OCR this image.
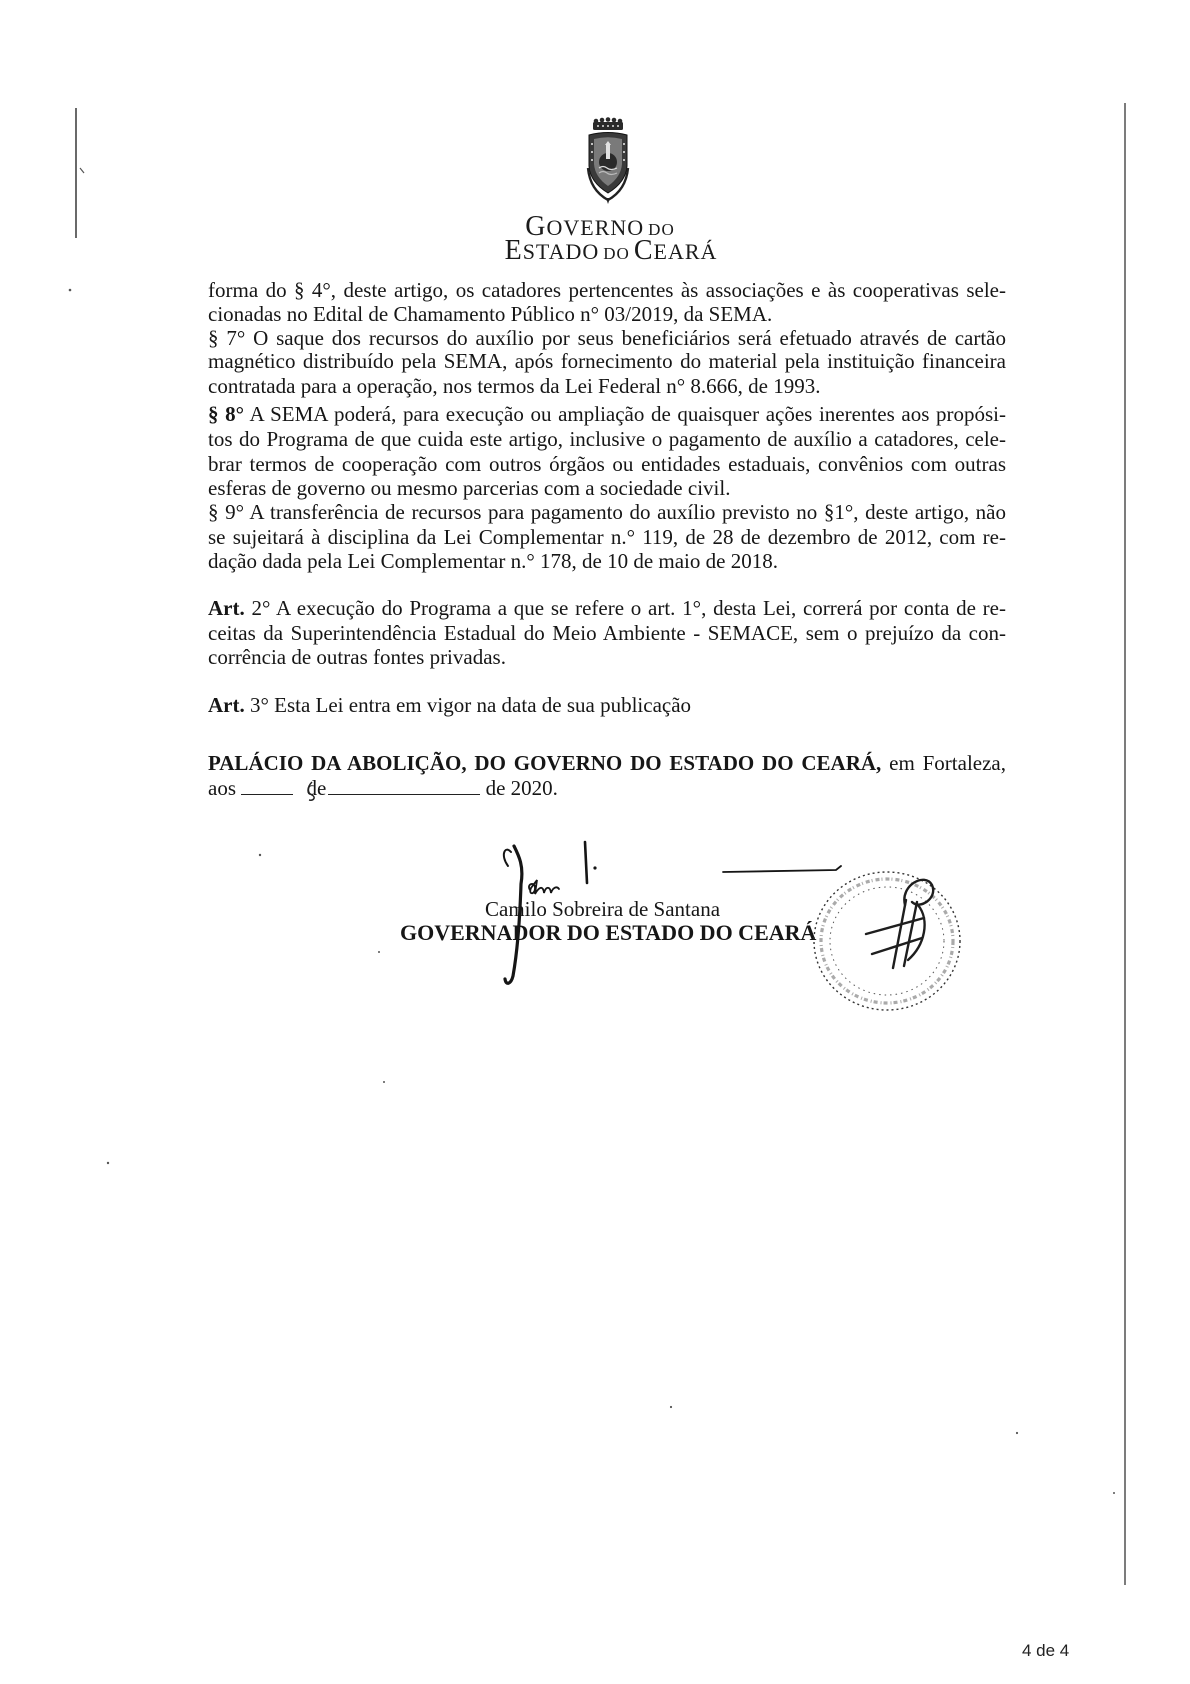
GOVERNO DO
ESTADO DO CEARÁ
forma do § 4°, deste artigo, os catadores pertencentes às associações e às cooperativas sele-
cionadas no Edital de Chamamento Público n° 03/2019, da SEMA.
§ 7° O saque dos recursos do auxílio por seus beneficiários será efetuado através de cartão
magnético distribuído pela SEMA, após fornecimento do material pela instituição financeira
contratada para a operação, nos termos da Lei Federal n° 8.666, de 1993.
§ 8° A SEMA poderá, para execução ou ampliação de quaisquer ações inerentes aos propósi-
tos do Programa de que cuida este artigo, inclusive o pagamento de auxílio a catadores, cele-
brar termos de cooperação com outros órgãos ou entidades estaduais, convênios com outras
esferas de governo ou mesmo parcerias com a sociedade civil.
§ 9° A transferência de recursos para pagamento do auxílio previsto no §1°, deste artigo, não
se sujeitará à disciplina da Lei Complementar n.° 119, de 28 de dezembro de 2012, com re-
dação dada pela Lei Complementar n.° 178, de 10 de maio de 2018.
Art. 2° A execução do Programa a que se refere o art. 1°, desta Lei, correrá por conta de re-
ceitas da Superintendência Estadual do Meio Ambiente - SEMACE, sem o prejuízo da con-
corrência de outras fontes privadas.
Art. 3° Esta Lei entra em vigor na data de sua publicação
PALÁCIO DA ABOLIÇÃO, DO GOVERNO DO ESTADO DO CEARÁ, em Fortaleza,
aos	de	de 2020.
Camilo Sobreira de Santana
GOVERNADOR DO ESTADO DO CEARÁ
4 de 4
